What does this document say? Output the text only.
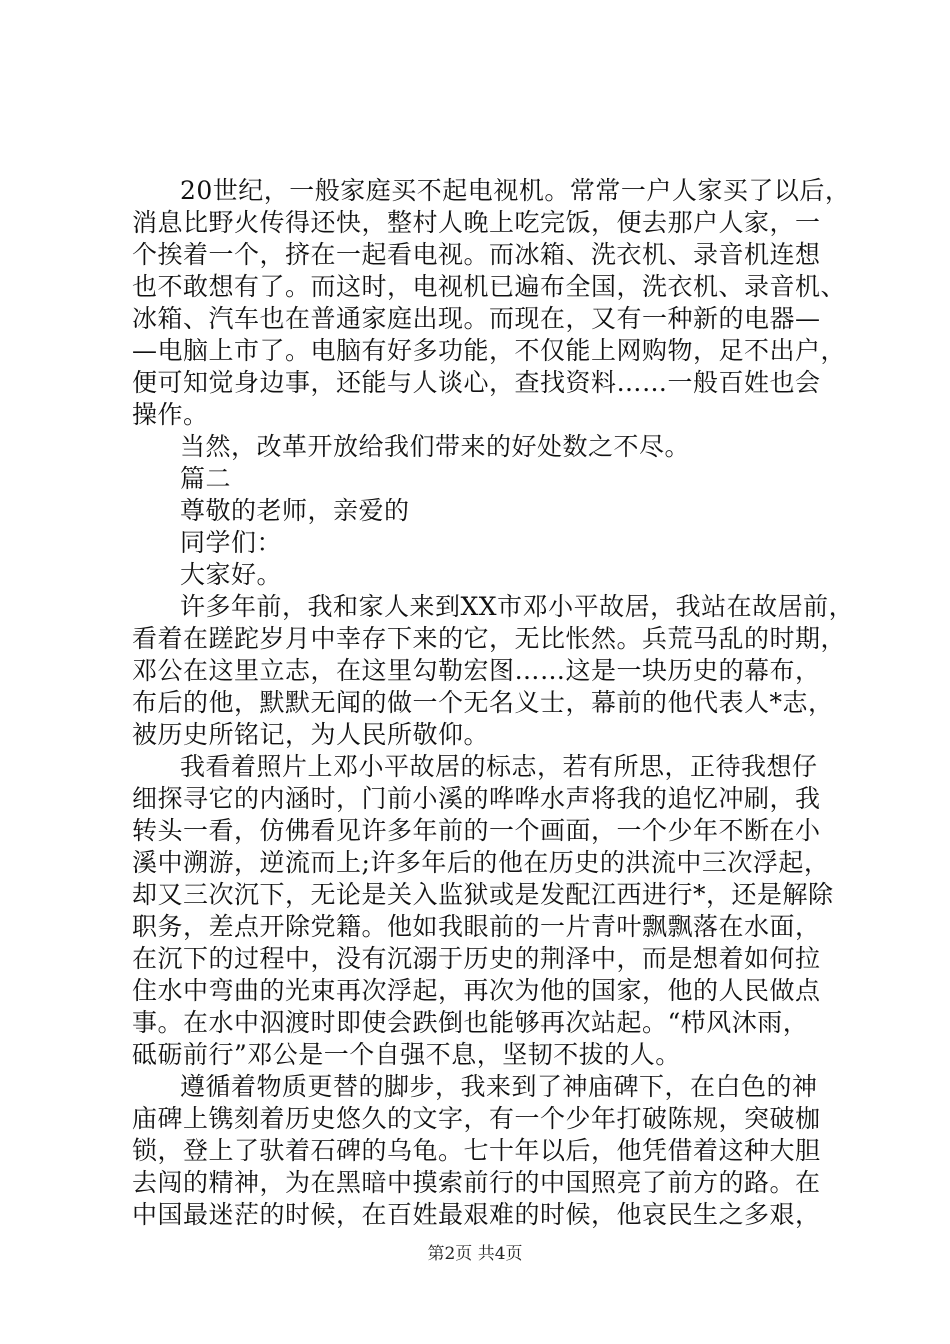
20世纪，一般家庭买不起电视机。常常一户人家买了以后，
消息比野火传得还快，整村人晚上吃完饭，便去那户人家，一
个挨着一个，挤在一起看电视。而冰箱、洗衣机、录音机连想
也不敢想有了。而这时，电视机已遍布全国，洗衣机、录音机、
冰箱、汽车也在普通家庭出现。而现在，又有一种新的电器—
—电脑上市了。电脑有好多功能，不仅能上网购物，足不出户，
便可知觉身边事，还能与人谈心，查找资料……一般百姓也会
操作。
当然，改革开放给我们带来的好处数之不尽。
篇二
尊敬的老师，亲爱的
同学们：
大家好。
许多年前，我和家人来到XX市邓小平故居，我站在故居前，
看着在蹉跎岁月中幸存下来的它，无比怅然。兵荒马乱的时期，
邓公在这里立志，在这里勾勒宏图……这是一块历史的幕布，
布后的他，默默无闻的做一个无名义士，幕前的他代表人*志，
被历史所铭记，为人民所敬仰。
我看着照片上邓小平故居的标志，若有所思，正待我想仔
细探寻它的内涵时，门前小溪的哗哗水声将我的追忆冲刷，我
转头一看，仿佛看见许多年前的一个画面，一个少年不断在小
溪中溯游，逆流而上;许多年后的他在历史的洪流中三次浮起，
却又三次沉下，无论是关入监狱或是发配江西进行*，还是解除
职务，差点开除党籍。他如我眼前的一片青叶飘飘落在水面，
在沉下的过程中，没有沉溺于历史的荆泽中，而是想着如何拉
住水中弯曲的光束再次浮起，再次为他的国家，他的人民做点
事。在水中泅渡时即使会跌倒也能够再次站起。“栉风沐雨，
砥砺前行”邓公是一个自强不息，坚韧不拔的人。
遵循着物质更替的脚步，我来到了神庙碑下，在白色的神
庙碑上镌刻着历史悠久的文字，有一个少年打破陈规，突破枷
锁，登上了驮着石碑的乌龟。七十年以后，他凭借着这种大胆
去闯的精神，为在黑暗中摸索前行的中国照亮了前方的路。在
中国最迷茫的时候，在百姓最艰难的时候，他哀民生之多艰，
第2页 共4页
